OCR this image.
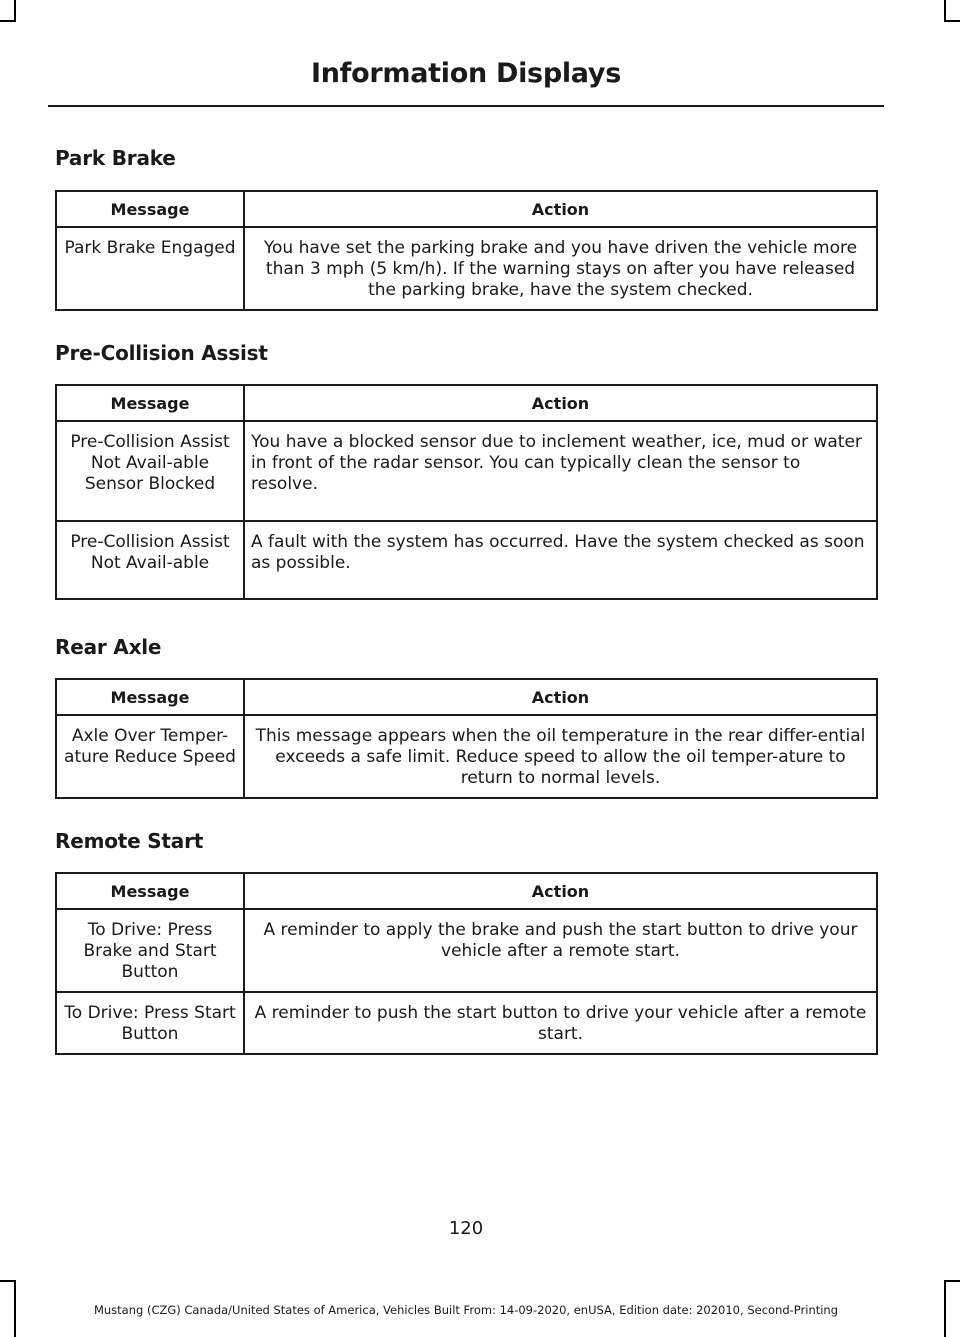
Information Displays
Park Brake
Message	Action
Park Brake Engaged	You have set the parking brake and you have driven the vehicle more than 3 mph (5 km/h). If the warning stays on after you have released the parking brake, have the system checked.
Pre-Collision Assist
Message	Action
Pre-Collision Assist Not Avail-able Sensor Blocked	You have a blocked sensor due to inclement weather, ice, mud or water in front of the radar sensor. You can typically clean the sensor to resolve.
Pre-Collision Assist Not Avail-able	A fault with the system has occurred. Have the system checked as soon as possible.
Rear Axle
Message	Action
Axle Over Temper-ature Reduce Speed	This message appears when the oil temperature in the rear differ-ential exceeds a safe limit. Reduce speed to allow the oil temper-ature to return to normal levels.
Remote Start
Message	Action
To Drive: Press Brake and Start Button	A reminder to apply the brake and push the start button to drive your vehicle after a remote start.
To Drive: Press Start Button	A reminder to push the start button to drive your vehicle after a remote start.
120
Mustang (CZG) Canada/United States of America, Vehicles Built From: 14-09-2020, enUSA, Edition date: 202010, Second-Printing
